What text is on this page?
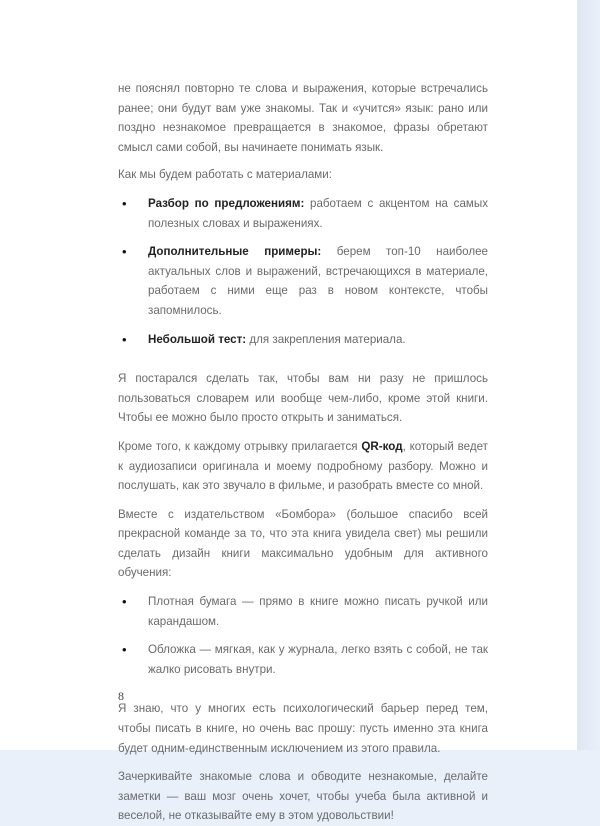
не пояснял повторно те слова и выражения, которые встречались ранее; они будут вам уже знакомы. Так и «учится» язык: рано или поздно незнакомое превращается в знакомое, фразы обретают смысл сами собой, вы начинаете понимать язык.

Как мы будем работать с материалами:

• Разбор по предложениям: работаем с акцентом на самых полезных словах и выражениях.
• Дополнительные примеры: берем топ-10 наиболее актуальных слов и выражений, встречающихся в материале, работаем с ними еще раз в новом контексте, чтобы запомнилось.
• Небольшой тест: для закрепления материала.

Я постарался сделать так, чтобы вам ни разу не пришлось пользоваться словарем или вообще чем-либо, кроме этой книги. Чтобы ее можно было просто открыть и заниматься.

Кроме того, к каждому отрывку прилагается QR-код, который ведет к аудиозаписи оригинала и моему подробному разбору. Можно и послушать, как это звучало в фильме, и разобрать вместе со мной.

Вместе с издательством «Бомбора» (большое спасибо всей прекрасной команде за то, что эта книга увидела свет) мы решили сделать дизайн книги максимально удобным для активного обучения:

• Плотная бумага — прямо в книге можно писать ручкой или карандашом.
• Обложка — мягкая, как у журнала, легко взять с собой, не так жалко рисовать внутри.

Я знаю, что у многих есть психологический барьер перед тем, чтобы писать в книге, но очень вас прошу: пусть именно эта книга будет одним-единственным исключением из этого правила.

Зачеркивайте знакомые слова и обводите незнакомые, делайте заметки — ваш мозг очень хочет, чтобы учеба была активной и веселой, не отказывайте ему в этом удовольствии!

8
